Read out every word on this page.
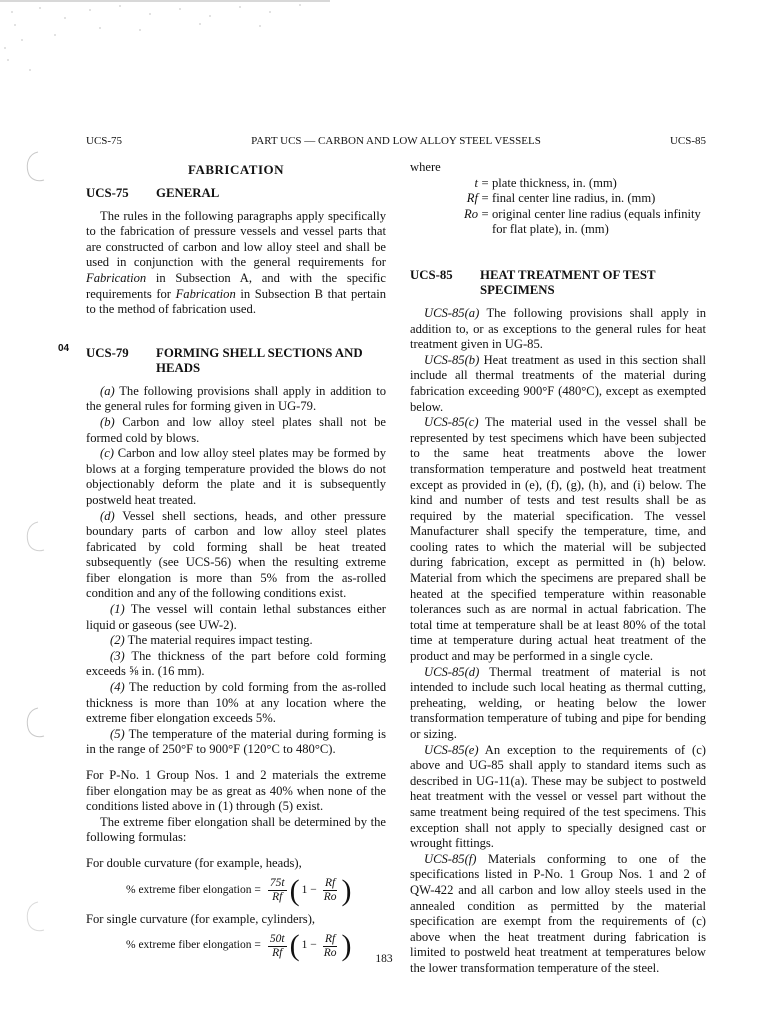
UCS-75	PART UCS — CARBON AND LOW ALLOY STEEL VESSELS	UCS-85
04
FABRICATION
UCS-75	GENERAL

The rules in the following paragraphs apply specifically to the fabrication of pressure vessels and vessel parts that are constructed of carbon and low alloy steel and shall be used in conjunction with the general requirements for Fabrication in Subsection A, and with the specific requirements for Fabrication in Subsection B that pertain to the method of fabrication used.

UCS-79	FORMING SHELL SECTIONS AND HEADS

(a) The following provisions shall apply in addition to the general rules for forming given in UG-79.

(b) Carbon and low alloy steel plates shall not be formed cold by blows.

(c) Carbon and low alloy steel plates may be formed by blows at a forging temperature provided the blows do not objectionably deform the plate and it is subsequently postweld heat treated.

(d) Vessel shell sections, heads, and other pressure boundary parts of carbon and low alloy steel plates fabricated by cold forming shall be heat treated subsequently (see UCS-56) when the resulting extreme fiber elongation is more than 5% from the as-rolled condition and any of the following conditions exist.

(1) The vessel will contain lethal substances either liquid or gaseous (see UW-2).

(2) The material requires impact testing.

(3) The thickness of the part before cold forming exceeds ⅝ in. (16 mm).

(4) The reduction by cold forming from the as-rolled thickness is more than 10% at any location where the extreme fiber elongation exceeds 5%.

(5) The temperature of the material during forming is in the range of 250°F to 900°F (120°C to 480°C).

For P-No. 1 Group Nos. 1 and 2 materials the extreme fiber elongation may be as great as 40% when none of the conditions listed above in (1) through (5) exist.

The extreme fiber elongation shall be determined by the following formulas:

For double curvature (for example, heads),

% extreme fiber elongation = $\frac{75t}{Rf}$ ( $1 - \frac{Rf}{Ro}$ )

For single curvature (for example, cylinders),

% extreme fiber elongation = $\frac{50t}{Rf}$ ( $1 - \frac{Rf}{Ro}$ )

where

t = plate thickness, in. (mm)
Rf = final center line radius, in. (mm)
Ro = original center line radius (equals infinity for flat plate), in. (mm)
UCS-85	HEAT TREATMENT OF TEST SPECIMENS

UCS-85(a) The following provisions shall apply in addition to, or as exceptions to the general rules for heat treatment given in UG-85.

UCS-85(b) Heat treatment as used in this section shall include all thermal treatments of the material during fabrication exceeding 900°F (480°C), except as exempted below.

UCS-85(c) The material used in the vessel shall be represented by test specimens which have been subjected to the same heat treatments above the lower transformation temperature and postweld heat treatment except as provided in (e), (f), (g), (h), and (i) below. The kind and number of tests and test results shall be as required by the material specification. The vessel Manufacturer shall specify the temperature, time, and cooling rates to which the material will be subjected during fabrication, except as permitted in (h) below. Material from which the specimens are prepared shall be heated at the specified temperature within reasonable tolerances such as are normal in actual fabrication. The total time at temperature shall be at least 80% of the total time at temperature during actual heat treatment of the product and may be performed in a single cycle.

UCS-85(d) Thermal treatment of material is not intended to include such local heating as thermal cutting, preheating, welding, or heating below the lower transformation temperature of tubing and pipe for bending or sizing.

UCS-85(e) An exception to the requirements of (c) above and UG-85 shall apply to standard items such as described in UG-11(a). These may be subject to postweld heat treatment with the vessel or vessel part without the same treatment being required of the test specimens. This exception shall not apply to specially designed cast or wrought fittings.

UCS-85(f) Materials conforming to one of the specifications listed in P-No. 1 Group Nos. 1 and 2 of QW-422 and all carbon and low alloy steels used in the annealed condition as permitted by the material specification are exempt from the requirements of (c) above when the heat treatment during fabrication is limited to postweld heat treatment at temperatures below the lower transformation temperature of the steel.

183
